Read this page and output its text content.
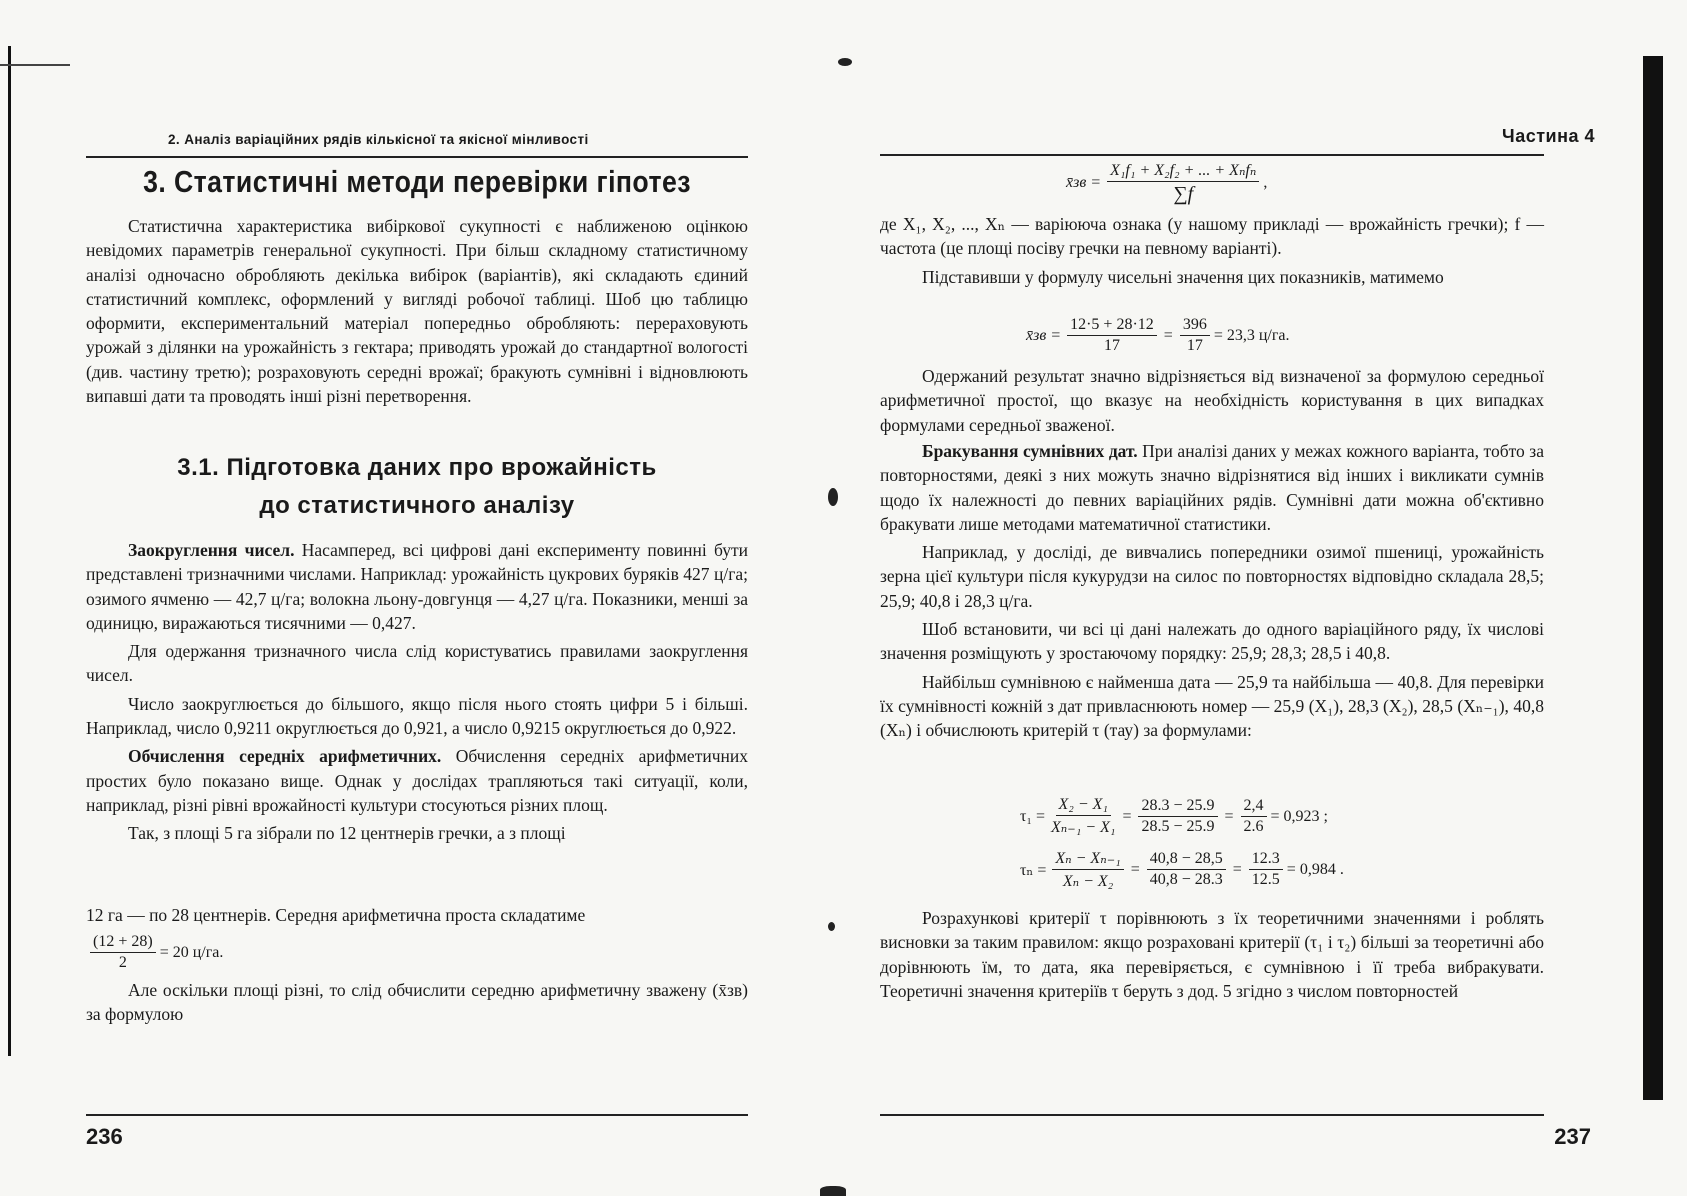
2. Аналіз варіаційних рядів кількісної та якісної мінливості
3. Статистичні методи перевірки гіпотез

Статистична характеристика вибіркової сукупності є наближеною оцінкою невідомих параметрів генеральної сукупності. При більш складному статистичному аналізі одночасно обробляють декілька вибірок (варіантів), які складають єдиний статистичний комплекс, оформлений у вигляді робочої таблиці. Шоб цю таблицю оформити, експериментальний матеріал попередньо обробляють: перераховують урожай з ділянки на урожайність з гектара; приводять урожай до стандартної вологості (див. частину третю); розраховують середні врожаї; бракують сумнівні і відновлюють випавші дати та проводять інші різні перетворення.

3.1. Підготовка даних про врожайність
до статистичного аналізу

Заокруглення чисел. Насамперед, всі цифрові дані експерименту повинні бути представлені тризначними числами. Наприклад: урожайність цукрових буряків 427 ц/га; озимого ячменю — 42,7 ц/га; волокна льону-довгунця — 4,27 ц/га. Показники, менші за одиницю, виражаються тисячними — 0,427.

Для одержання тризначного числа слід користуватись правилами заокруглення чисел.

Число заокруглюється до більшого, якщо після нього стоять цифри 5 і більші. Наприклад, число 0,9211 округлюється до 0,921, а число 0,9215 округлюється до 0,922.

Обчислення середніх арифметичних. Обчислення середніх арифметичних простих було показано вище. Однак у дослідах трапляються такі ситуації, коли, наприклад, різні рівні врожайності культури стосуються різних площ.

Так, з площі 5 га зібрали по 12 центнерів гречки, а з площі

12 га — по 28 центнерів. Середня арифметична проста складатиме

$\frac{(12 + 28)}{2} = 20$ ц/га.

Але оскільки площі різні, то слід обчислити середню арифметичну зважену (x̄зв) за формулою

236
Частина 4
x̄зв = $\frac{\text{X₁f₁ + X₂f₂ + ... + Xₙfₙ}}{\sum f}$ ,

де X₁, X₂, ..., Xₙ — варіююча ознака (у нашому прикладі — врожайність гречки); f — частота (це площі посіву гречки на певному варіанті).

Підставивши у формулу чисельні значення цих показників, матимемо

x̄зв = $\frac{12\cdot 5 + 28\cdot 12}{17} = \frac{396}{17} = 23,3$ ц/га.

Одержаний результат значно відрізняється від визначеної за формулою середньої арифметичної простої, що вказує на необхідність користування в цих випадках формулами середньої зваженої.

Бракування сумнівних дат. При аналізі даних у межах кожного варіанта, тобто за повторностями, деякі з них можуть значно відрізнятися від інших і викликати сумнів щодо їх належності до певних варіаційних рядів. Сумнівні дати можна об'єктивно бракувати лише методами математичної статистики.

Наприклад, у досліді, де вивчались попередники озимої пшениці, урожайність зерна цієї культури після кукурудзи на силос по повторностях відповідно складала 28,5; 25,9; 40,8 і 28,3 ц/га.

Шоб встановити, чи всі ці дані належать до одного варіаційного ряду, їх числові значення розміщують у зростаючому порядку: 25,9; 28,3; 28,5 і 40,8.

Найбільш сумнівною є найменша дата — 25,9 та найбільша — 40,8. Для перевірки їх сумнівності кожній з дат привласнюють номер — 25,9 (X₁), 28,3 (X₂), 28,5 (Xₙ₋₁), 40,8 (Xₙ) і обчислюють критерій τ (тау) за формулами:

$\tau_1 = \frac{\text{X₂ − X₁}}{\text{Xₙ₋₁ − X₁}} = \frac{28.3 - 25.9}{28.5 - 25.9} = \frac{2,4}{2.6} = 0,923$ ;
$\tau_n = \frac{\text{Xₙ − Xₙ₋₁}}{\text{Xₙ − X₂}} = \frac{40,8 - 28,5}{40,8 - 28.3} = \frac{12.3}{12.5} = 0,984$ .

Розрахункові критерії τ порівнюють з їх теоретичними значеннями і роблять висновки за таким правилом: якщо розраховані критерії (τ₁ і τ₂) більші за теоретичні або дорівнюють їм, то дата, яка перевіряється, є сумнівною і її треба вибракувати. Теоретичні значення критеріїв τ беруть з дод. 5 згідно з числом повторностей

237
